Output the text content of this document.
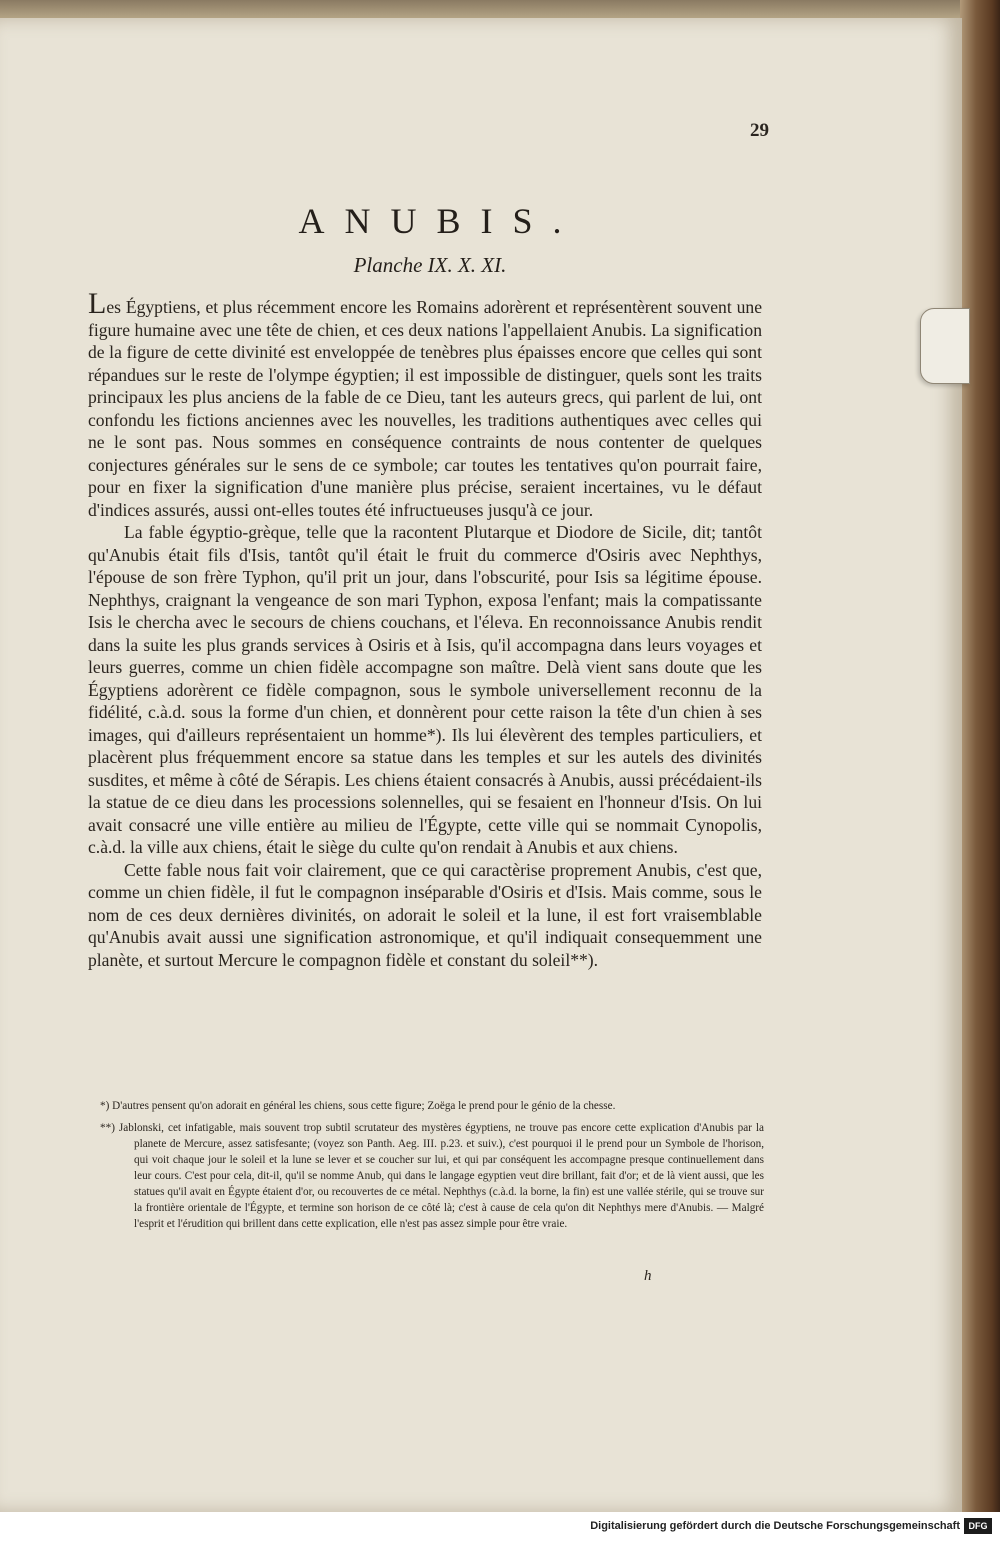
29
ANUBIS.
Planche IX. X. XI.

Les Égyptiens, et plus récemment encore les Romains adorèrent et représentèrent souvent une figure humaine avec une tête de chien, et ces deux nations l'appellaient Anubis. La signification de la figure de cette divinité est enveloppée de tenèbres plus épaisses encore que celles qui sont répandues sur le reste de l'olympe égyptien; il est impossible de distinguer, quels sont les traits principaux les plus anciens de la fable de ce Dieu, tant les auteurs grecs, qui parlent de lui, ont confondu les fictions anciennes avec les nouvelles, les traditions authentiques avec celles qui ne le sont pas. Nous sommes en conséquence contraints de nous contenter de quelques conjectures générales sur le sens de ce symbole; car toutes les tentatives qu'on pourrait faire, pour en fixer la signification d'une manière plus précise, seraient incertaines, vu le défaut d'indices assurés, aussi ont-elles toutes été infructueuses jusqu'à ce jour.

La fable égyptio-grèque, telle que la racontent Plutarque et Diodore de Sicile, dit; tantôt qu'Anubis était fils d'Isis, tantôt qu'il était le fruit du commerce d'Osiris avec Nephthys, l'épouse de son frère Typhon, qu'il prit un jour, dans l'obscurité, pour Isis sa légitime épouse. Nephthys, craignant la vengeance de son mari Typhon, exposa l'enfant; mais la compatissante Isis le chercha avec le secours de chiens couchans, et l'éleva. En reconnoissance Anubis rendit dans la suite les plus grands services à Osiris et à Isis, qu'il accompagna dans leurs voyages et leurs guerres, comme un chien fidèle accompagne son maître. Delà vient sans doute que les Égyptiens adorèrent ce fidèle compagnon, sous le symbole universellement reconnu de la fidélité, c.à.d. sous la forme d'un chien, et donnèrent pour cette raison la tête d'un chien à ses images, qui d'ailleurs représentaient un homme*). Ils lui élevèrent des temples particuliers, et placèrent plus fréquemment encore sa statue dans les temples et sur les autels des divinités susdites, et même à côté de Sérapis. Les chiens étaient consacrés à Anubis, aussi précédaient-ils la statue de ce dieu dans les processions solennelles, qui se fesaient en l'honneur d'Isis. On lui avait consacré une ville entière au milieu de l'Égypte, cette ville qui se nommait Cynopolis, c.à.d. la ville aux chiens, était le siège du culte qu'on rendait à Anubis et aux chiens.

Cette fable nous fait voir clairement, que ce qui caractèrise proprement Anubis, c'est que, comme un chien fidèle, il fut le compagnon inséparable d'Osiris et d'Isis. Mais comme, sous le nom de ces deux dernières divinités, on adorait le soleil et la lune, il est fort vraisemblable qu'Anubis avait aussi une signification astronomique, et qu'il indiquait consequemment une planète, et surtout Mercure le compagnon fidèle et constant du soleil**).

*) D'autres pensent qu'on adorait en général les chiens, sous cette figure; Zoëga le prend pour le génio de la chesse.

**) Jablonski, cet infatigable, mais souvent trop subtil scrutateur des mystères égyptiens, ne trouve pas encore cette explication d'Anubis par la planete de Mercure, assez satisfesante; (voyez son Panth. Aeg. III. p.23. et suiv.), c'est pourquoi il le prend pour un Symbole de l'horison, qui voit chaque jour le soleil et la lune se lever et se coucher sur lui, et qui par conséquent les accompagne presque continuellement dans leur cours. C'est pour cela, dit-il, qu'il se nomme Anub, qui dans le langage egyptien veut dire brillant, fait d'or; et de là vient aussi, que les statues qu'il avait en Égypte étaient d'or, ou recouvertes de ce métal. Nephthys (c.à.d. la borne, la fin) est une vallée stérile, qui se trouve sur la frontière orientale de l'Égypte, et termine son horison de ce côté là; c'est à cause de cela qu'on dit Nephthys mere d'Anubis. — Malgré l'esprit et l'érudition qui brillent dans cette explication, elle n'est pas assez simple pour être vraie.

h
Digitalisierung gefördert durch die Deutsche Forschungsgemeinschaft DFG
